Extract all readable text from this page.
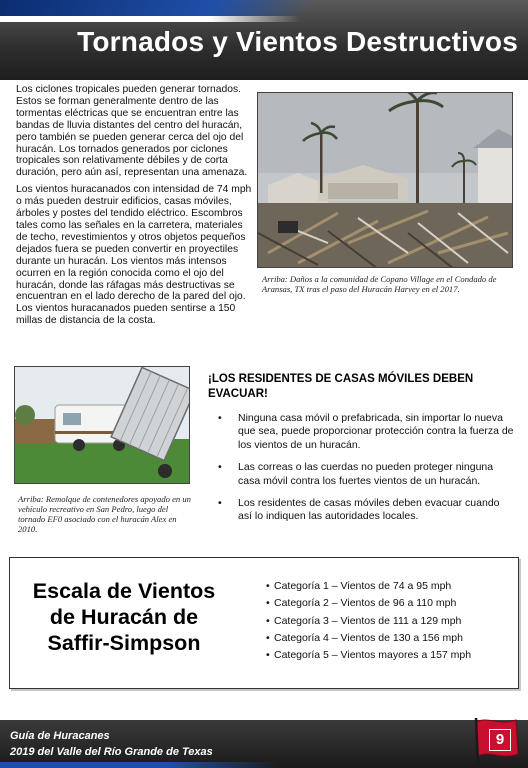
Tornados y Vientos Destructivos

Los ciclones tropicales pueden generar tornados. Estos se forman generalmente dentro de las tormentas eléctricas que se encuentran entre las bandas de lluvia distantes del centro del huracán, pero también se pueden generar cerca del ojo del huracán. Los tornados generados por ciclones tropicales son relativamente débiles y de corta duración, pero aún así, representan una amenaza.

Los vientos huracanados con intensidad de 74 mph o más pueden destruir edificios, casas móviles, árboles y postes del tendido eléctrico. Escombros tales como las señales en la carretera, materiales de techo, revestimientos y otros objetos pequeños dejados fuera se pueden convertir en proyectiles durante un huracán. Los vientos más intensos ocurren en la región conocida como el ojo del huracán, donde las ráfagas más destructivas se encuentran en el lado derecho de la pared del ojo. Los vientos huracanados pueden sentirse a 150 millas de distancia de la costa.

Arriba: Daños a la comunidad de Copano Village en el Condado de Aransas, TX tras el paso del Huracán Harvey en el 2017.
Arriba: Remolque de contenedores apoyado en un vehículo recreativo en San Pedro, luego del tornado EF0 asociado con el huracán Alex en 2010.
¡LOS RESIDENTES DE CASAS MÓVILES DEBEN EVACUAR!
• Ninguna casa móvil o prefabricada, sin importar lo nueva que sea, puede proporcionar protección contra la fuerza de los vientos de un huracán.
• Las correas o las cuerdas no pueden proteger ninguna casa móvil contra los fuertes vientos de un huracán.
• Los residentes de casas móviles deben evacuar cuando así lo indiquen las autoridades locales.
Escala de Vientos de Huracán de Saffir-Simpson
• Categoría 1 – Vientos de 74 a 95 mph
• Categoría 2 – Vientos de 96 a 110 mph
• Categoría 3 – Vientos de 111 a 129 mph
• Categoría 4 – Vientos de 130 a 156 mph
• Categoría 5 – Vientos mayores a 157 mph
Guía de Huracanes
2019 del Valle del Río Grande de Texas
9
